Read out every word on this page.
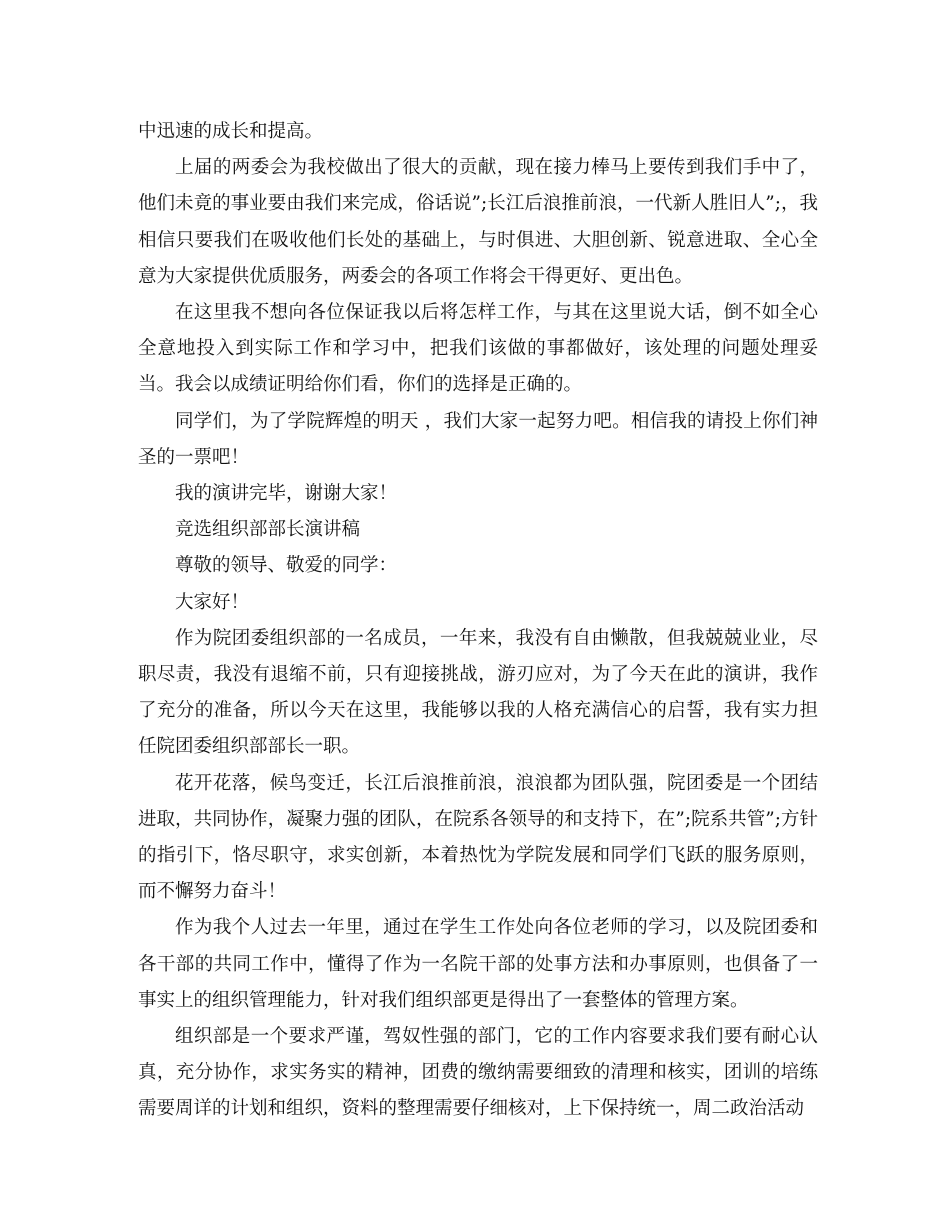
中迅速的成长和提高。

上届的两委会为我校做出了很大的贡献，现在接力棒马上要传到我们手中了，他们未竟的事业要由我们来完成，俗话说”;长江后浪推前浪，一代新人胜旧人”;，我相信只要我们在吸收他们长处的基础上，与时俱进、大胆创新、锐意进取、全心全意为大家提供优质服务，两委会的各项工作将会干得更好、更出色。

在这里我不想向各位保证我以后将怎样工作，与其在这里说大话，倒不如全心全意地投入到实际工作和学习中，把我们该做的事都做好，该处理的问题处理妥当。我会以成绩证明给你们看，你们的选择是正确的。

同学们，为了学院辉煌的明天 ，我们大家一起努力吧。相信我的请投上你们神圣的一票吧！

我的演讲完毕，谢谢大家！

竞选组织部部长演讲稿

尊敬的领导、敬爱的同学：

大家好！

作为院团委组织部的一名成员，一年来，我没有自由懒散，但我兢兢业业，尽职尽责，我没有退缩不前，只有迎接挑战，游刃应对，为了今天在此的演讲，我作了充分的准备，所以今天在这里，我能够以我的人格充满信心的启誓，我有实力担任院团委组织部部长一职。

花开花落，候鸟变迁，长江后浪推前浪，浪浪都为团队强，院团委是一个团结进取，共同协作，凝聚力强的团队，在院系各领导的和支持下，在”;院系共管”;方针的指引下，恪尽职守，求实创新，本着热忱为学院发展和同学们飞跃的服务原则，而不懈努力奋斗！

作为我个人过去一年里，通过在学生工作处向各位老师的学习，以及院团委和各干部的共同工作中，懂得了作为一名院干部的处事方法和办事原则，也俱备了一事实上的组织管理能力，针对我们组织部更是得出了一套整体的管理方案。

组织部是一个要求严谨，驾奴性强的部门，它的工作内容要求我们要有耐心认真，充分协作，求实务实的精神，团费的缴纳需要细致的清理和核实，团训的培练需要周详的计划和组织，资料的整理需要仔细核对，上下保持统一，周二政治活动
